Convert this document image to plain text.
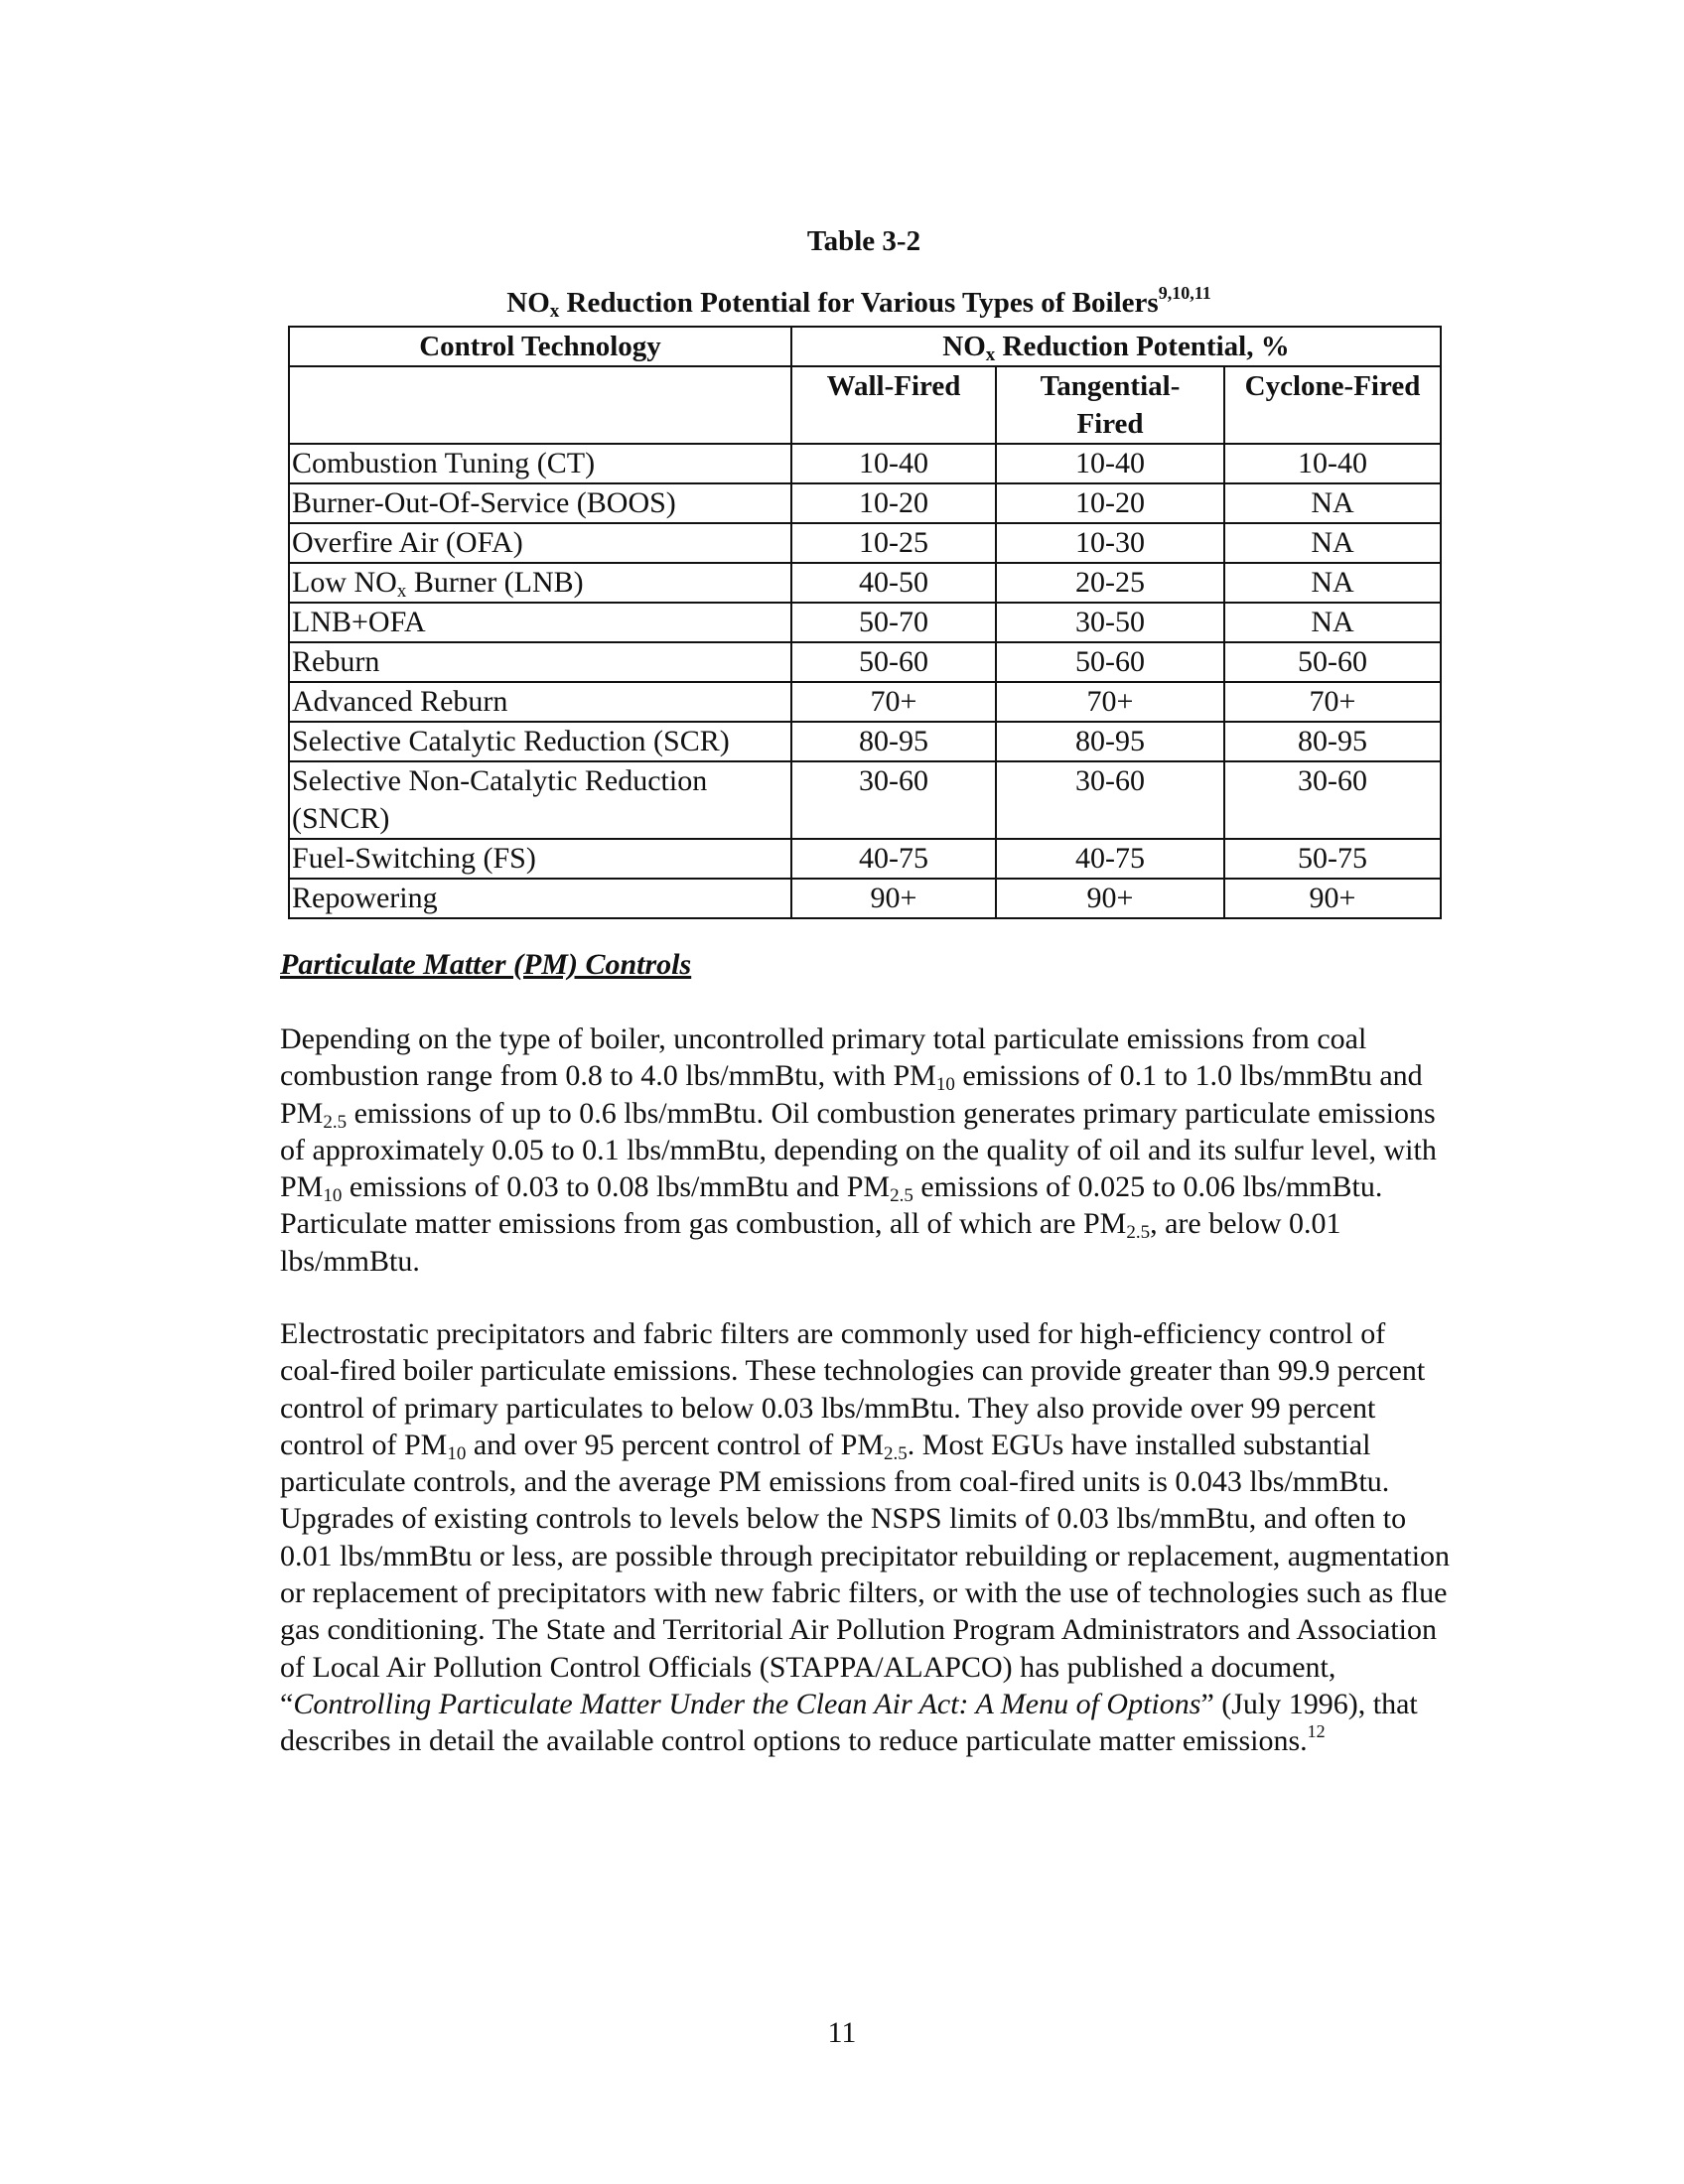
Table 3-2
$NO_x$ Reduction Potential for Various Types of Boilers$^{9,10,11}$
Control Technology	$NO_x$ Reduction Potential, %		
	Wall-Fired	Tangential-Fired	Cyclone-Fired
Combustion Tuning (CT)	10-40	10-40	10-40
Burner-Out-Of-Service (BOOS)	10-20	10-20	NA
Overfire Air (OFA)	10-25	10-30	NA
Low $NO_x$ Burner (LNB)	40-50	20-25	NA
LNB+OFA	50-70	30-50	NA
Reburn	50-60	50-60	50-60
Advanced Reburn	70+	70+	70+
Selective Catalytic Reduction (SCR)	80-95	80-95	80-95
Selective Non-Catalytic Reduction (SNCR)	30-60	30-60	30-60
Fuel-Switching (FS)	40-75	40-75	50-75
Repowering	90+	90+	90+
Particulate Matter (PM) Controls

Depending on the type of boiler, uncontrolled primary total particulate emissions from coal combustion range from 0.8 to 4.0 lbs/mmBtu, with $PM_{10}$ emissions of 0.1 to 1.0 lbs/mmBtu and $PM_{2.5}$ emissions of up to 0.6 lbs/mmBtu. Oil combustion generates primary particulate emissions of approximately 0.05 to 0.1 lbs/mmBtu, depending on the quality of oil and its sulfur level, with $PM_{10}$ emissions of 0.03 to 0.08 lbs/mmBtu and $PM_{2.5}$ emissions of 0.025 to 0.06 lbs/mmBtu. Particulate matter emissions from gas combustion, all of which are $PM_{2.5}$, are below 0.01 lbs/mmBtu.

Electrostatic precipitators and fabric filters are commonly used for high-efficiency control of coal-fired boiler particulate emissions. These technologies can provide greater than 99.9 percent control of primary particulates to below 0.03 lbs/mmBtu. They also provide over 99 percent control of $PM_{10}$ and over 95 percent control of $PM_{2.5}$. Most EGUs have installed substantial particulate controls, and the average PM emissions from coal-fired units is 0.043 lbs/mmBtu. Upgrades of existing controls to levels below the NSPS limits of 0.03 lbs/mmBtu, and often to 0.01 lbs/mmBtu or less, are possible through precipitator rebuilding or replacement, augmentation or replacement of precipitators with new fabric filters, or with the use of technologies such as flue gas conditioning. The State and Territorial Air Pollution Program Administrators and Association of Local Air Pollution Control Officials (STAPPA/ALAPCO) has published a document, “Controlling Particulate Matter Under the Clean Air Act: A Menu of Options” (July 1996), that describes in detail the available control options to reduce particulate matter emissions.$^{12}$

11
